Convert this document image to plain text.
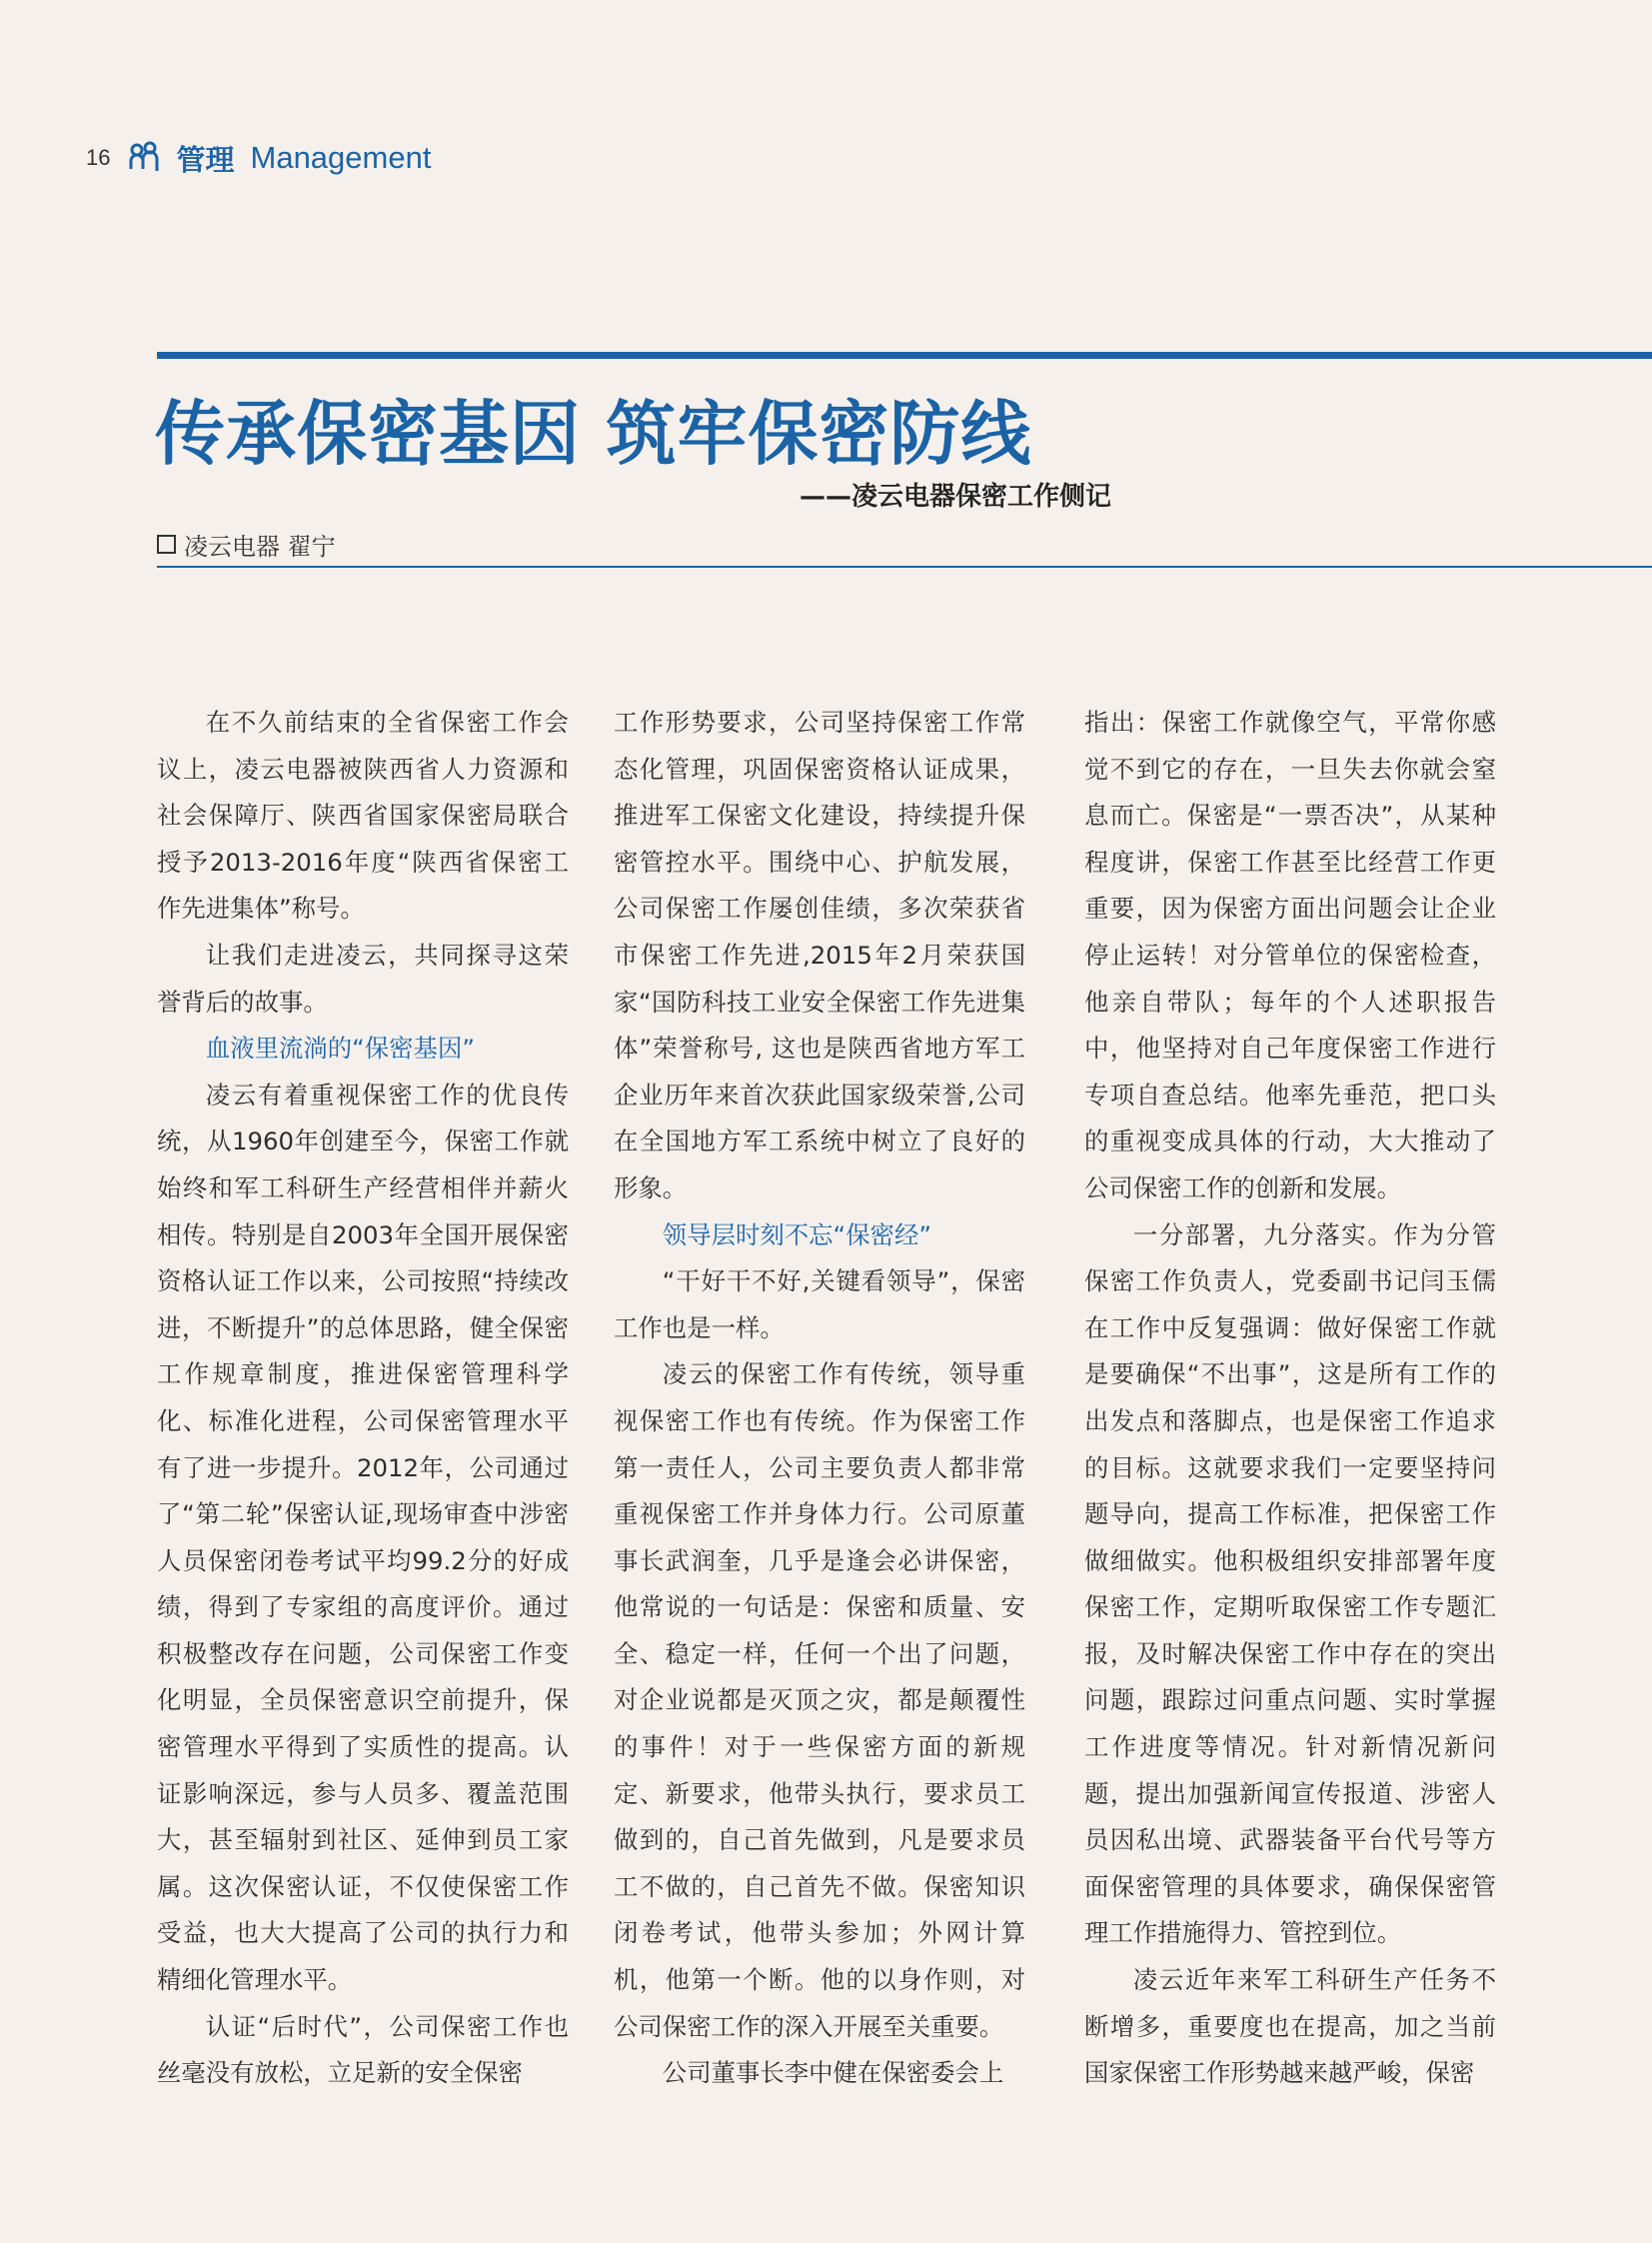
16 管理 Management
传承保密基因 筑牢保密防线
——凌云电器保密工作侧记
凌云电器 翟宁

在不久前结束的全省保密工作会议上，凌云电器被陕西省人力资源和社会保障厅、陕西省国家保密局联合授予2013-2016年度“陕西省保密工作先进集体”称号。

让我们走进凌云，共同探寻这荣誉背后的故事。

血液里流淌的“保密基因”

凌云有着重视保密工作的优良传统，从1960年创建至今，保密工作就始终和军工科研生产经营相伴并薪火相传。特别是自2003年全国开展保密资格认证工作以来，公司按照“持续改进，不断提升”的总体思路，健全保密工作规章制度，推进保密管理科学化、标准化进程，公司保密管理水平有了进一步提升。2012年，公司通过了“第二轮”保密认证,现场审查中涉密人员保密闭卷考试平均99.2分的好成绩，得到了专家组的高度评价。通过积极整改存在问题，公司保密工作变化明显，全员保密意识空前提升，保密管理水平得到了实质性的提高。认证影响深远，参与人员多、覆盖范围大，甚至辐射到社区、延伸到员工家属。这次保密认证，不仅使保密工作受益，也大大提高了公司的执行力和精细化管理水平。

认证“后时代”，公司保密工作也丝毫没有放松，立足新的安全保密

工作形势要求，公司坚持保密工作常态化管理，巩固保密资格认证成果，推进军工保密文化建设，持续提升保密管控水平。围绕中心、护航发展，公司保密工作屡创佳绩，多次荣获省市保密工作先进,2015年2月荣获国家“国防科技工业安全保密工作先进集体”荣誉称号, 这也是陕西省地方军工企业历年来首次获此国家级荣誉,公司在全国地方军工系统中树立了良好的形象。

领导层时刻不忘“保密经”

“干好干不好,关键看领导”，保密工作也是一样。

凌云的保密工作有传统，领导重视保密工作也有传统。作为保密工作第一责任人，公司主要负责人都非常重视保密工作并身体力行。公司原董事长武润奎，几乎是逢会必讲保密，他常说的一句话是：保密和质量、安全、稳定一样，任何一个出了问题，对企业说都是灭顶之灾，都是颠覆性的事件！对于一些保密方面的新规定、新要求，他带头执行，要求员工做到的，自己首先做到，凡是要求员工不做的，自己首先不做。保密知识闭卷考试，他带头参加；外网计算机，他第一个断。他的以身作则，对公司保密工作的深入开展至关重要。

公司董事长李中健在保密委会上

指出：保密工作就像空气，平常你感觉不到它的存在，一旦失去你就会窒息而亡。保密是“一票否决”，从某种程度讲，保密工作甚至比经营工作更重要，因为保密方面出问题会让企业停止运转！对分管单位的保密检查，他亲自带队；每年的个人述职报告中，他坚持对自己年度保密工作进行专项自查总结。他率先垂范，把口头的重视变成具体的行动，大大推动了公司保密工作的创新和发展。

一分部署，九分落实。作为分管保密工作负责人，党委副书记闫玉儒在工作中反复强调：做好保密工作就是要确保“不出事”，这是所有工作的出发点和落脚点，也是保密工作追求的目标。这就要求我们一定要坚持问题导向，提高工作标准，把保密工作做细做实。他积极组织安排部署年度保密工作，定期听取保密工作专题汇报，及时解决保密工作中存在的突出问题，跟踪过问重点问题、实时掌握工作进度等情况。针对新情况新问题，提出加强新闻宣传报道、涉密人员因私出境、武器装备平台代号等方面保密管理的具体要求，确保保密管理工作措施得力、管控到位。

凌云近年来军工科研生产任务不断增多，重要度也在提高，加之当前国家保密工作形势越来越严峻，保密
